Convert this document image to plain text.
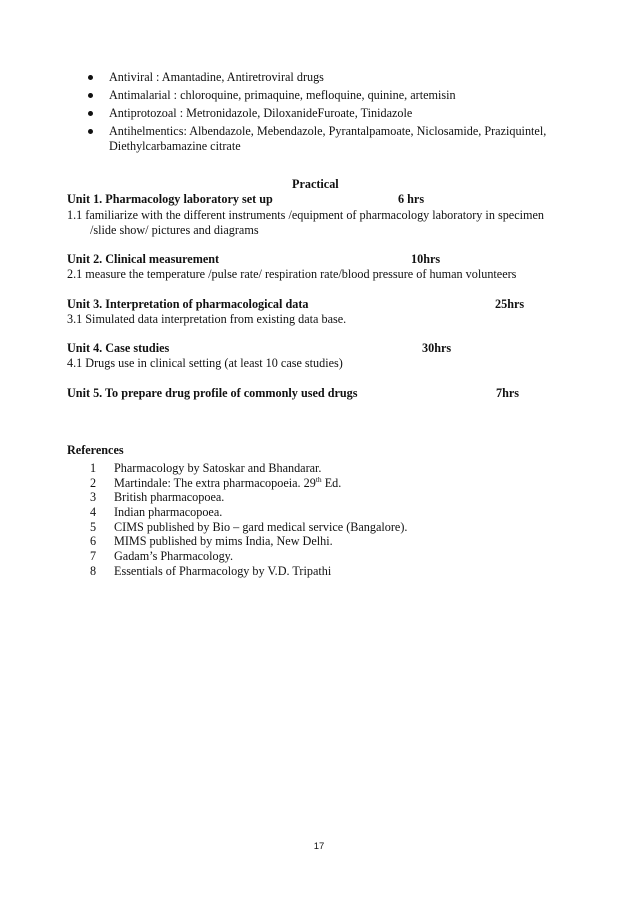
Antiviral : Amantadine, Antiretroviral drugs
Antimalarial : chloroquine, primaquine, mefloquine, quinine, artemisin
Antiprotozoal : Metronidazole, DiloxanideFuroate, Tinidazole
Antihelmentics: Albendazole, Mebendazole, Pyrantalpamoate, Niclosamide, Praziquintel,
Diethylcarbamazine citrate
Practical
Unit 1. Pharmacology laboratory set up	6 hrs
1.1 familiarize with the different instruments /equipment of pharmacology laboratory in specimen
/slide show/ pictures and diagrams
Unit 2. Clinical measurement	10hrs
2.1 measure the temperature /pulse rate/ respiration rate/blood pressure of human volunteers
Unit 3. Interpretation of pharmacological data	25hrs
3.1 Simulated data interpretation from existing data base.
Unit 4. Case studies	30hrs
4.1 Drugs use in clinical setting (at least 10 case studies)
Unit 5. To prepare drug profile of commonly used drugs	7hrs
References
1 Pharmacology by Satoskar and Bhandarar.
2 Martindale: The extra pharmacopoeia. 29th Ed.
3 British pharmacopoea.
4 Indian pharmacopoea.
5 CIMS published by Bio – gard medical service (Bangalore).
6 MIMS published by mims India, New Delhi.
7 Gadam’s Pharmacology.
8 Essentials of Pharmacology by V.D. Tripathi
17
